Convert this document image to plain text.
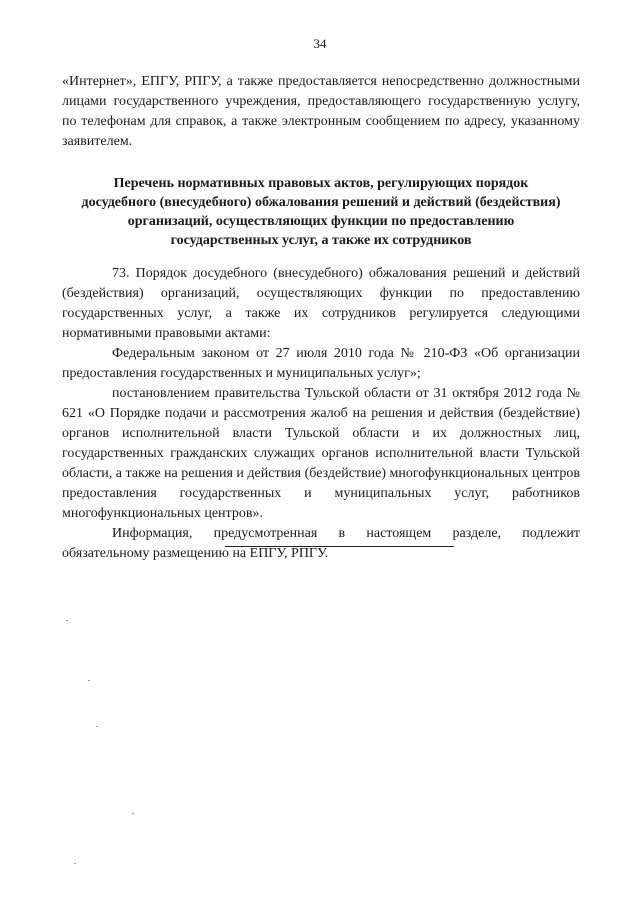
34

«Интернет», ЕПГУ, РПГУ, а также предоставляется непосредственно должностными лицами государственного учреждения, предоставляющего государственную услугу, по телефонам для справок, а также электронным сообщением по адресу, указанному заявителем.

Перечень нормативных правовых актов, регулирующих порядок
досудебного (внесудебного) обжалования решений и действий (бездействия)
организаций, осуществляющих функции по предоставлению
государственных услуг, а также их сотрудников

73. Порядок досудебного (внесудебного) обжалования решений и действий (бездействия) организаций, осуществляющих функции по предоставлению государственных услуг, а также их сотрудников регулируется следующими нормативными правовыми актами:

Федеральным законом от 27 июля 2010 года № 210-ФЗ «Об организации предоставления государственных и муниципальных услуг»;

постановлением правительства Тульской области от 31 октября 2012 года № 621 «О Порядке подачи и рассмотрения жалоб на решения и действия (бездействие) органов исполнительной власти Тульской области и их должностных лиц, государственных гражданских служащих органов исполнительной власти Тульской области, а также на решения и действия (бездействие) многофункциональных центров предоставления государственных и муниципальных услуг, работников многофункциональных центров».

Информация, предусмотренная в настоящем разделе, подлежит обязательному размещению на ЕПГУ, РПГУ.
